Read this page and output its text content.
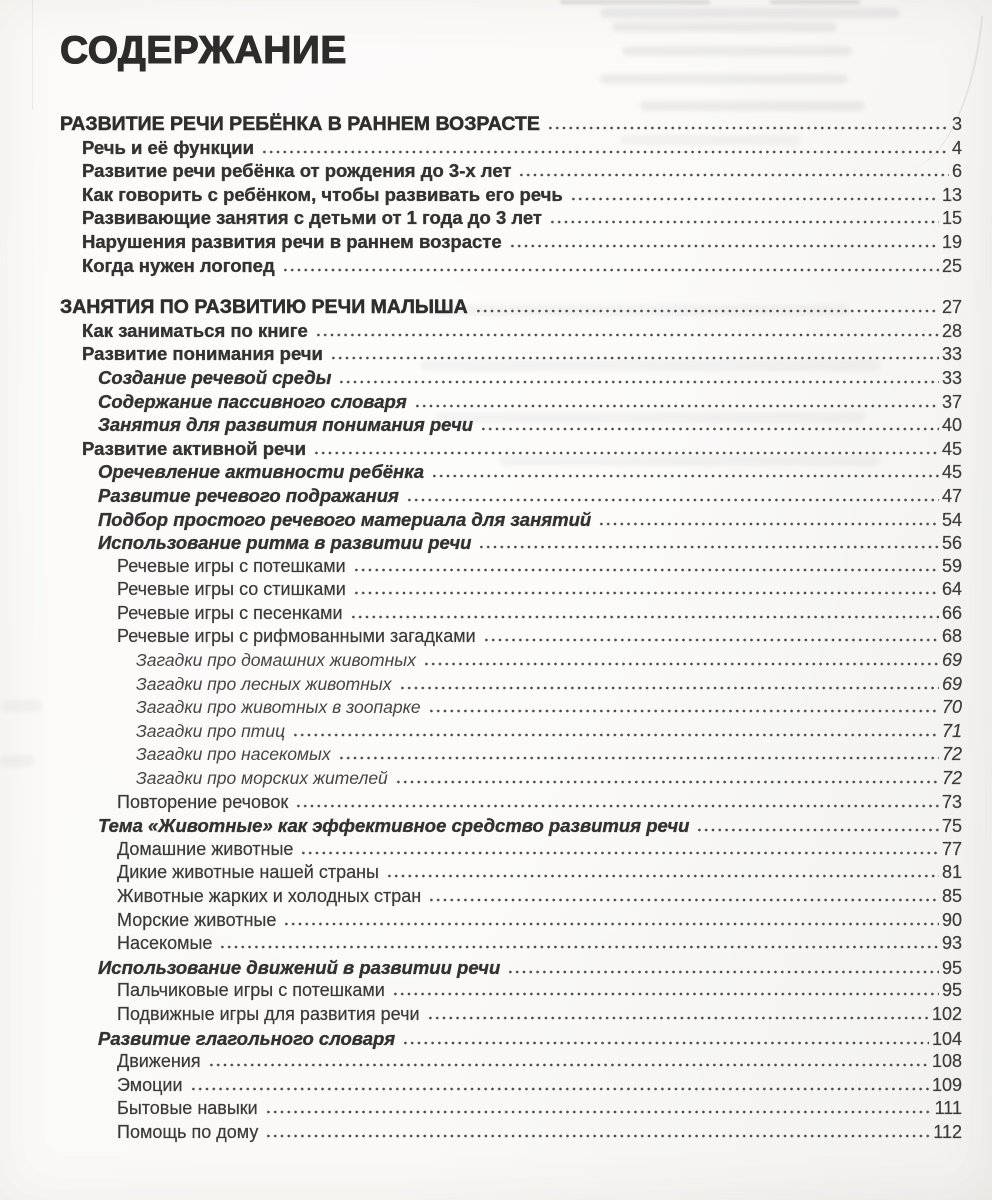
СОДЕРЖАНИЕ
РАЗВИТИЕ РЕЧИ РЕБЁНКА В РАННЕМ ВОЗРАСТЕ	3
Речь и её функции	4
Развитие речи ребёнка от рождения до 3-х лет	6
Как говорить с ребёнком, чтобы развивать его речь	13
Развивающие занятия с детьми от 1 года до 3 лет	15
Нарушения развития речи в раннем возрасте	19
Когда нужен логопед	25
ЗАНЯТИЯ ПО РАЗВИТИЮ РЕЧИ МАЛЫША	27
Как заниматься по книге	28
Развитие понимания речи	33
Создание речевой среды	33
Содержание пассивного словаря	37
Занятия для развития понимания речи	40
Развитие активной речи	45
Оречевление активности ребёнка	45
Развитие речевого подражания	47
Подбор простого речевого материала для занятий	54
Использование ритма в развитии речи	56
Речевые игры с потешками	59
Речевые игры со стишками	64
Речевые игры с песенками	66
Речевые игры с рифмованными загадками	68
Загадки про домашних животных	69
Загадки про лесных животных	69
Загадки про животных в зоопарке	70
Загадки про птиц	71
Загадки про насекомых	72
Загадки про морских жителей	72
Повторение речовок	73
Тема «Животные» как эффективное средство развития речи	75
Домашние животные	77
Дикие животные нашей страны	81
Животные жарких и холодных стран	85
Морские животные	90
Насекомые	93
Использование движений в развитии речи	95
Пальчиковые игры с потешками	95
Подвижные игры для развития речи	102
Развитие глагольного словаря	104
Движения	108
Эмоции	109
Бытовые навыки	111
Помощь по дому	112
